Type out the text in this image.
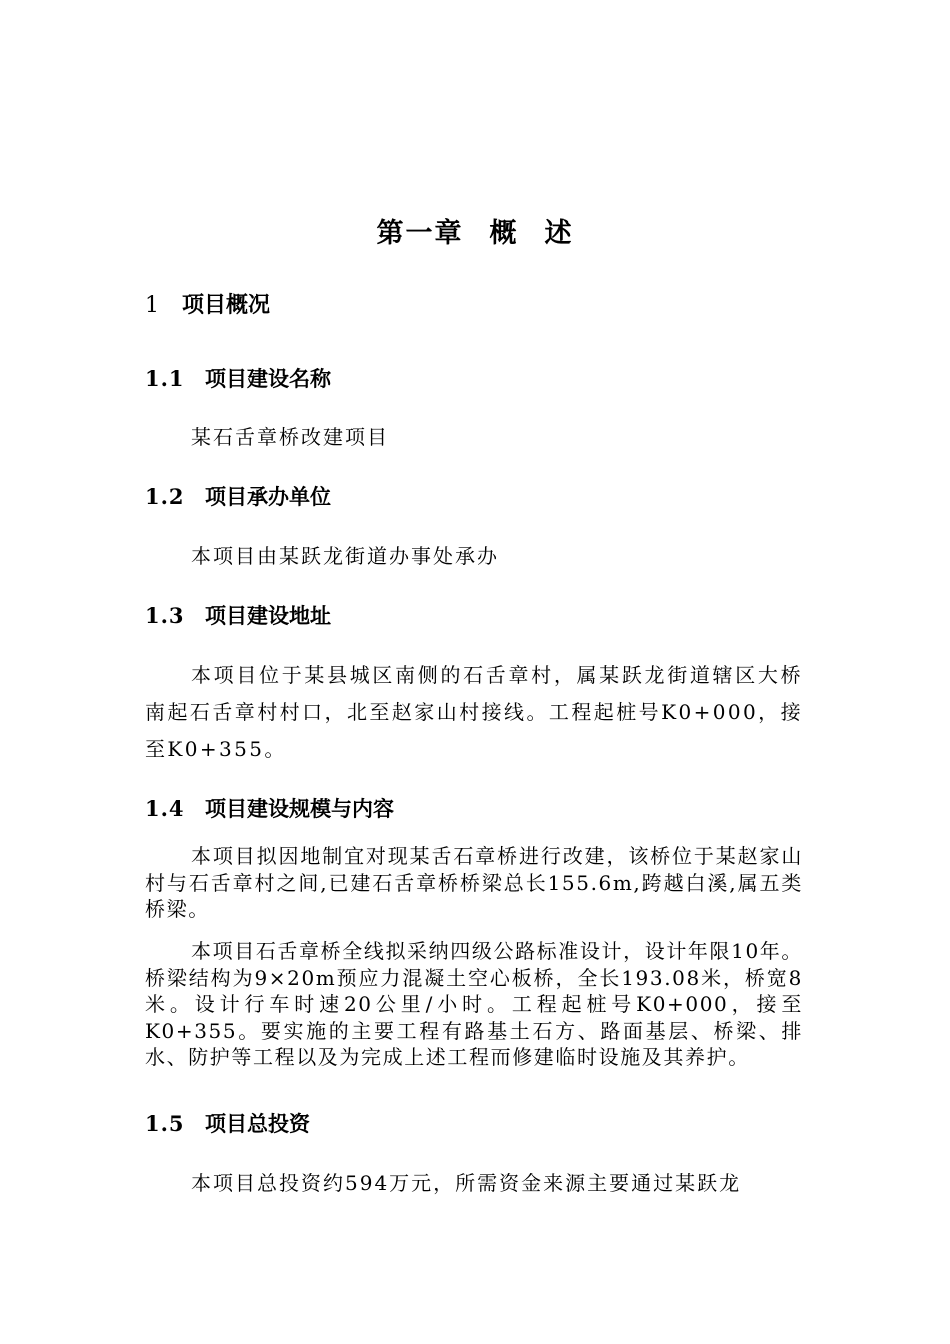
第一章 概 述
1 项目概况
1.1 项目建设名称

某石舌章桥改建项目

1.2 项目承办单位

本项目由某跃龙街道办事处承办

1.3 项目建设地址

本项目位于某县城区南侧的石舌章村，属某跃龙街道辖区大桥南起石舌章村村口，北至赵家山村接线。工程起桩号K0+000，接至K0+355。

1.4 项目建设规模与内容

本项目拟因地制宜对现某舌石章桥进行改建，该桥位于某赵家山村与石舌章村之间,已建石舌章桥桥梁总长155.6m,跨越白溪,属五类桥梁。

本项目石舌章桥全线拟采纳四级公路标准设计，设计年限10年。桥梁结构为9×20m预应力混凝土空心板桥，全长193.08米，桥宽8米。设计行车时速20公里/小时。工程起桩号K0+000，接至K0+355。要实施的主要工程有路基土石方、路面基层、桥梁、排水、防护等工程以及为完成上述工程而修建临时设施及其养护。

1.5 项目总投资

本项目总投资约594万元，所需资金来源主要通过某跃龙
